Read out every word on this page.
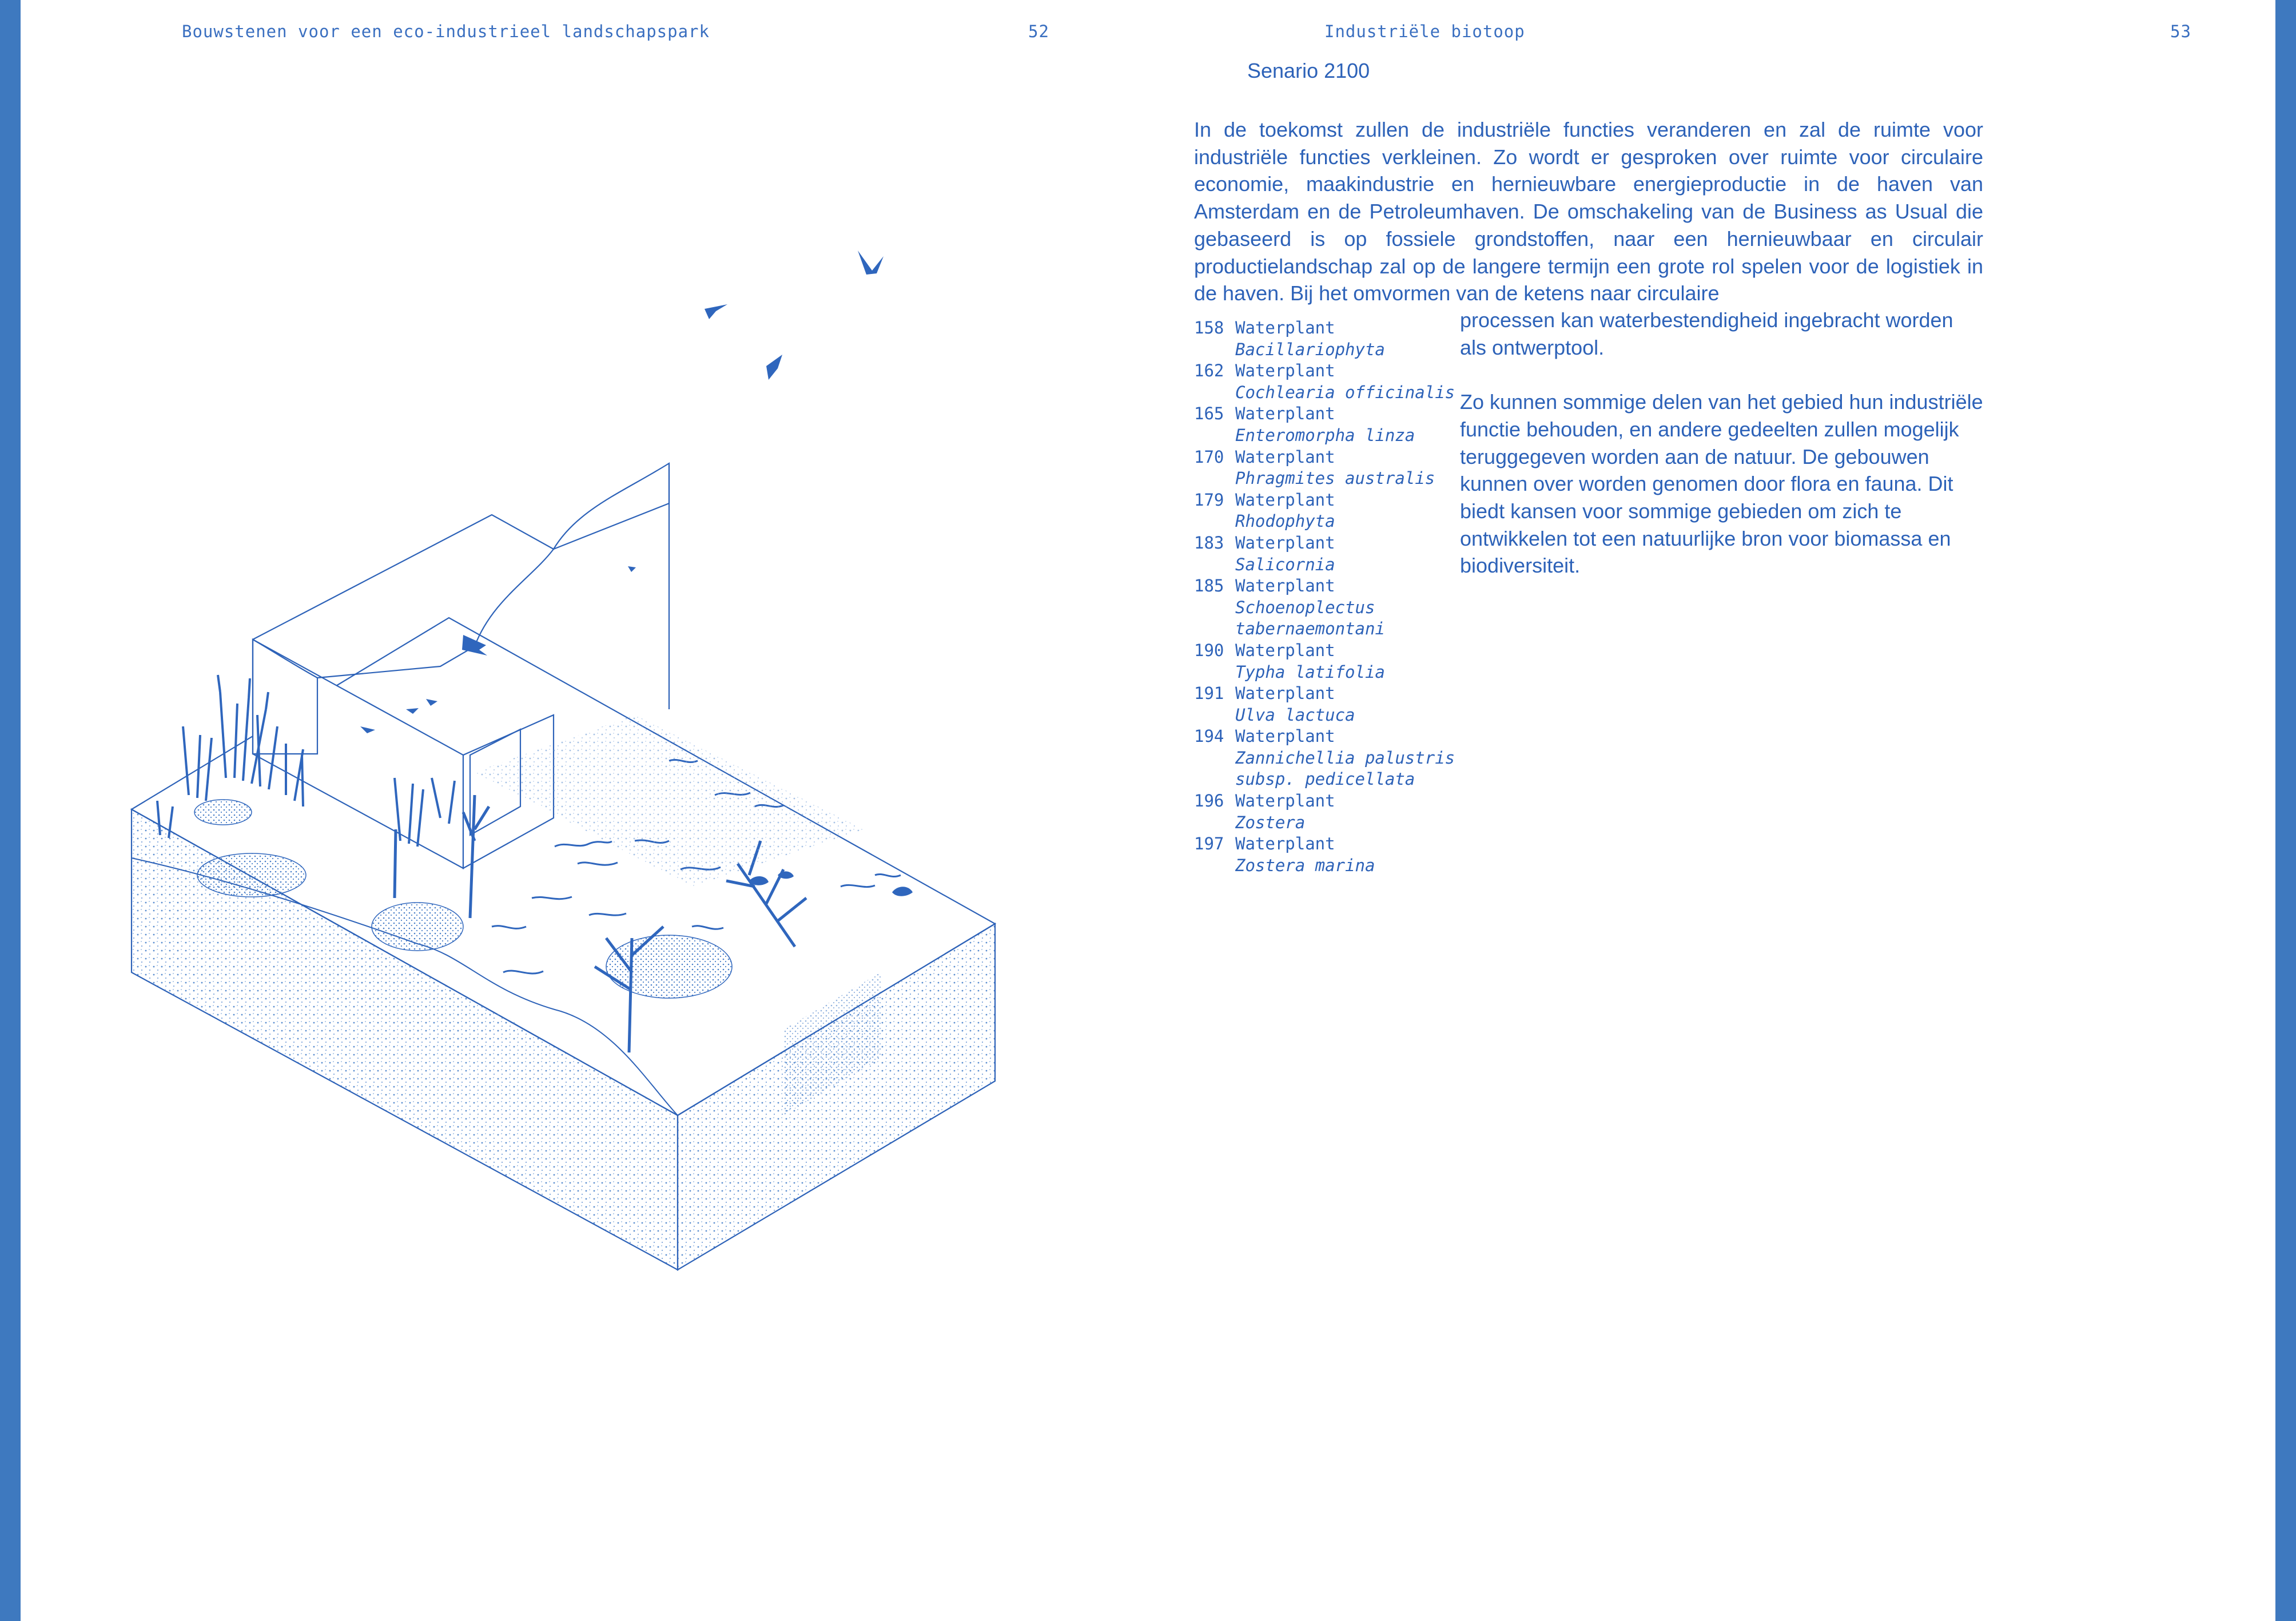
Bouwstenen voor een eco-industrieel landschapspark	52	Industriële biotoop	53
Senario 2100

In de toekomst zullen de industriële functies veranderen en zal de ruimte voor industriële functies verkleinen. Zo wordt er gesproken over ruimte voor circulaire economie, maakindustrie en hernieuwbare energieproductie in de haven van Amsterdam en de Petroleumhaven. De omschakeling van de Business as Usual die gebaseerd is op fossiele grondstoffen, naar een hernieuwbaar en circulair productielandschap zal op de langere termijn een grote rol spelen voor de logistiek in de haven. Bij het omvormen van de ketens naar circulaire

processen kan waterbestendigheid ingebracht worden als ontwerptool.

Zo kunnen sommige delen van het gebied hun industriële functie behouden, en andere gedeelten zullen mogelijk teruggegeven worden aan de natuur. De gebouwen kunnen over worden genomen door flora en fauna. Dit biedt kansen voor sommige gebieden om zich te ontwikkelen tot een natuurlijke bron voor biomassa en biodiversiteit.

158 Waterplant
Bacillariophyta
162 Waterplant
Cochlearia officinalis
165 Waterplant
Enteromorpha linza
170 Waterplant
Phragmites australis
179 Waterplant
Rhodophyta
183 Waterplant
Salicornia
185 Waterplant
Schoenoplectus
tabernaemontani
190 Waterplant
Typha latifolia
191 Waterplant
Ulva lactuca
194 Waterplant
Zannichellia palustris
subsp. pedicellata
196 Waterplant
Zostera
197 Waterplant
Zostera marina
